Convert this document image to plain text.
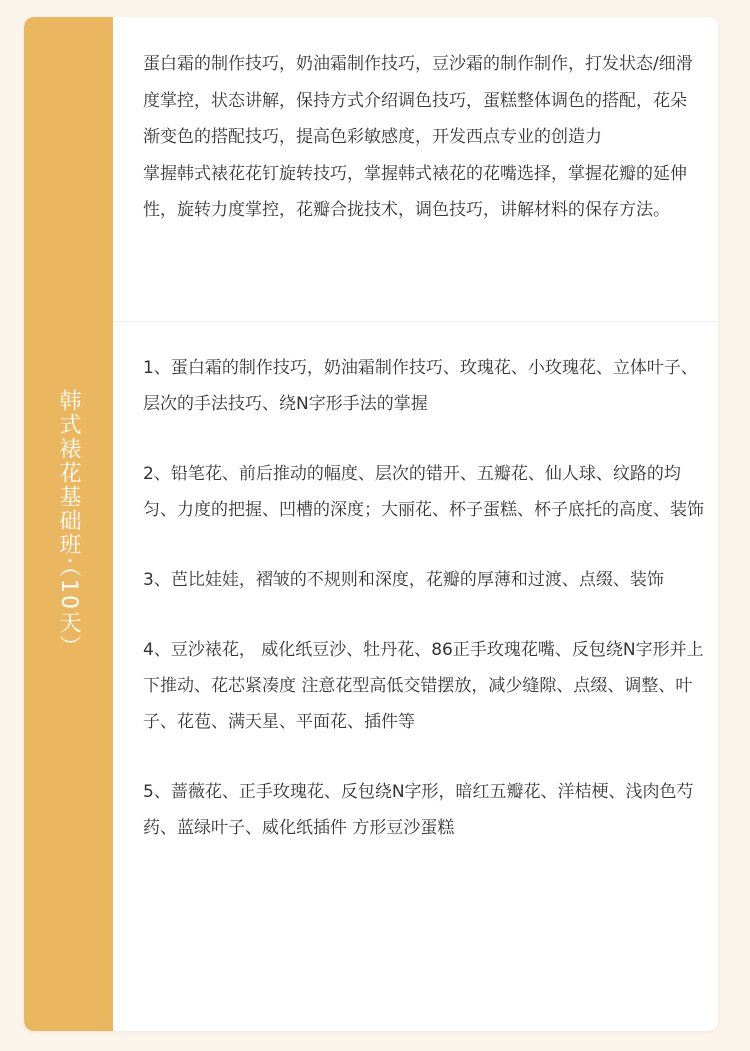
韩式裱花基础班·（10天）

蛋白霜的制作技巧，奶油霜制作技巧，豆沙霜的制作制作，打发状态/细滑度掌控，状态讲解，保持方式介绍调色技巧，蛋糕整体调色的搭配，花朵渐变色的搭配技巧，提高色彩敏感度，开发西点专业的创造力

掌握韩式裱花花钉旋转技巧，掌握韩式裱花的花嘴选择，掌握花瓣的延伸性，旋转力度掌控，花瓣合拢技术，调色技巧，讲解材料的保存方法。

1、蛋白霜的制作技巧，奶油霜制作技巧、玫瑰花、小玫瑰花、立体叶子、层次的手法技巧、绕N字形手法的掌握

2、铅笔花、前后推动的幅度、层次的错开、五瓣花、仙人球、纹路的均匀、力度的把握、凹槽的深度；大丽花、杯子蛋糕、杯子底托的高度、装饰

3、芭比娃娃，褶皱的不规则和深度，花瓣的厚薄和过渡、点缀、装饰

4、豆沙裱花， 威化纸豆沙、牡丹花、86正手玫瑰花嘴、反包绕N字形并上下推动、花芯紧凑度 注意花型高低交错摆放，减少缝隙、点缀、调整、叶子、花苞、满天星、平面花、插件等

5、蔷薇花、正手玫瑰花、反包绕N字形，暗红五瓣花、洋桔梗、浅肉色芍药、蓝绿叶子、威化纸插件 方形豆沙蛋糕
